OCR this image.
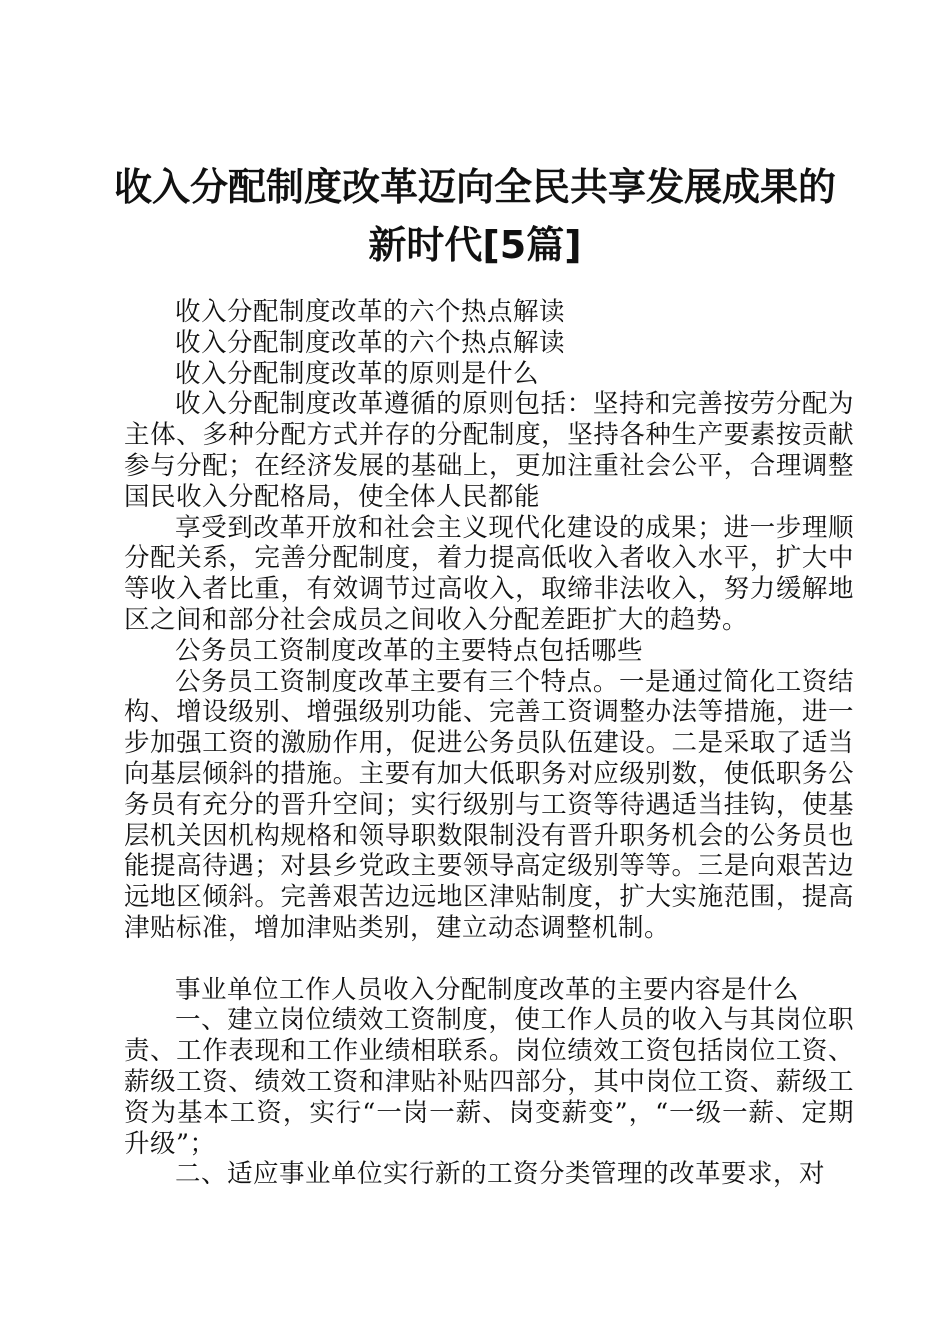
收入分配制度改革迈向全民共享发展成果的新时代[5篇]

收入分配制度改革的六个热点解读

收入分配制度改革的六个热点解读

收入分配制度改革的原则是什么

收入分配制度改革遵循的原则包括：坚持和完善按劳分配为主体、多种分配方式并存的分配制度，坚持各种生产要素按贡献参与分配；在经济发展的基础上，更加注重社会公平，合理调整国民收入分配格局，使全体人民都能

享受到改革开放和社会主义现代化建设的成果；进一步理顺分配关系，完善分配制度，着力提高低收入者收入水平，扩大中等收入者比重，有效调节过高收入，取缔非法收入，努力缓解地区之间和部分社会成员之间收入分配差距扩大的趋势。

公务员工资制度改革的主要特点包括哪些

公务员工资制度改革主要有三个特点。一是通过简化工资结构、增设级别、增强级别功能、完善工资调整办法等措施，进一步加强工资的激励作用，促进公务员队伍建设。二是采取了适当向基层倾斜的措施。主要有加大低职务对应级别数，使低职务公务员有充分的晋升空间；实行级别与工资等待遇适当挂钩，使基层机关因机构规格和领导职数限制没有晋升职务机会的公务员也能提高待遇；对县乡党政主要领导高定级别等等。三是向艰苦边远地区倾斜。完善艰苦边远地区津贴制度，扩大实施范围，提高津贴标准，增加津贴类别，建立动态调整机制。

事业单位工作人员收入分配制度改革的主要内容是什么

一、建立岗位绩效工资制度，使工作人员的收入与其岗位职责、工作表现和工作业绩相联系。岗位绩效工资包括岗位工资、薪级工资、绩效工资和津贴补贴四部分，其中岗位工资、薪级工资为基本工资，实行“一岗一薪、岗变薪变”，“一级一薪、定期升级”；

二、适应事业单位实行新的工资分类管理的改革要求，对
